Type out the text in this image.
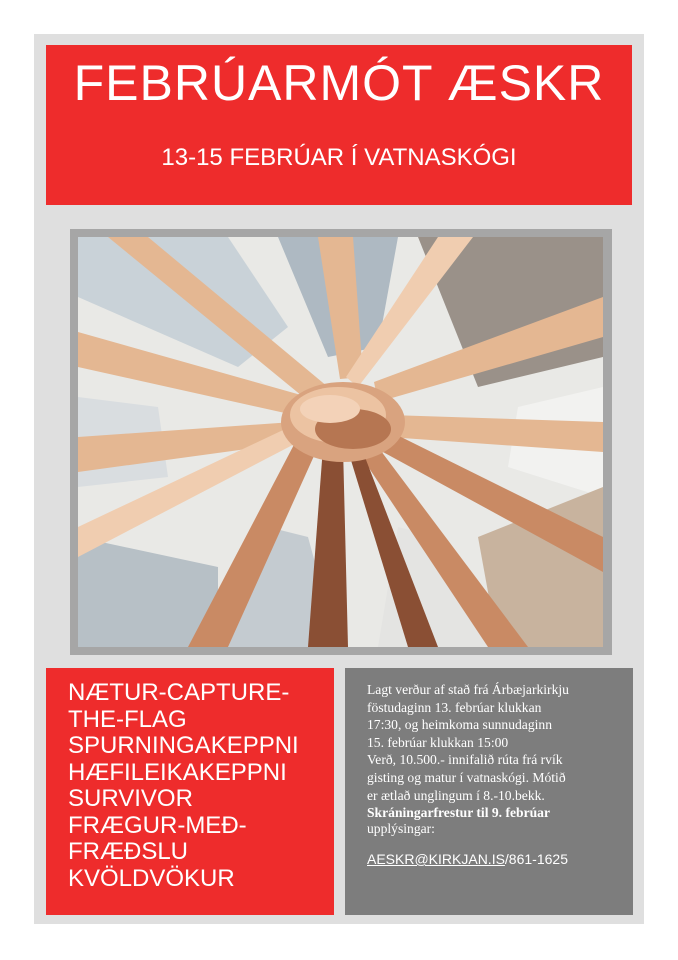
FEBRÚARMÓT ÆSKR
13-15 FEBRÚAR Í VATNASKÓGI
NÆTUR-CAPTURE-
THE-FLAG
SPURNINGAKEPPNI
HÆFILEIKAKEPPNI
SURVIVOR
FRÆGUR-MEÐ-
FRÆÐSLU
KVÖLDVÖKUR

Lagt verður af stað frá Árbæjarkirkju

föstudaginn 13. febrúar klukkan

17:30, og heimkoma sunnudaginn

15. febrúar klukkan 15:00

Verð, 10.500.- innifalið rúta frá rvík

gisting og matur í vatnaskógi. Mótið

er ætlað unglingum í 8.-10.bekk.

Skráningarfrestur til 9. febrúar

upplýsingar:
AESKR@KIRKJAN.IS/861-1625
